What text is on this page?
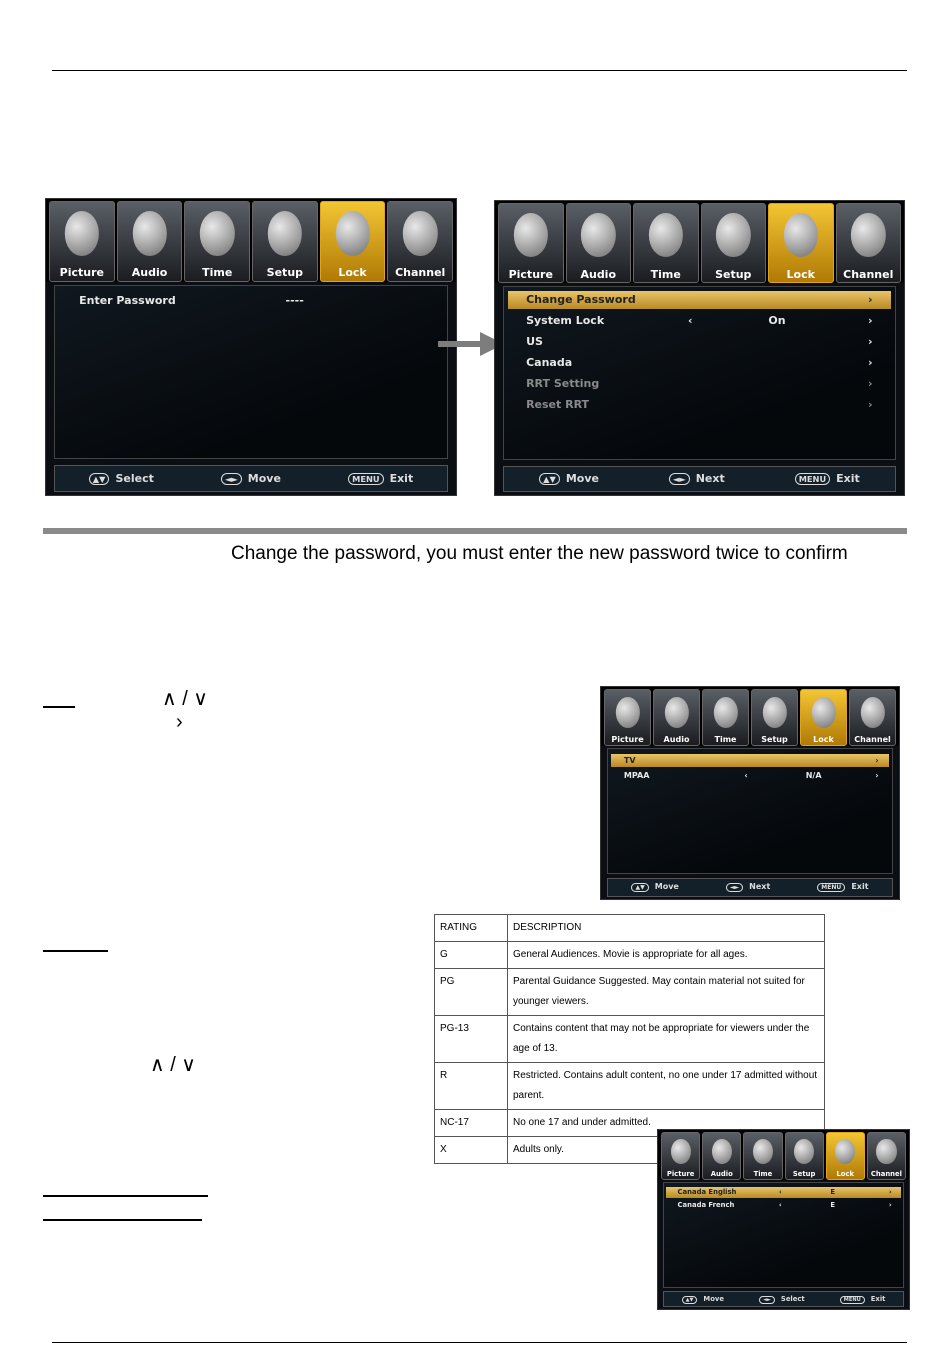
Picture	Audio	Time	Setup	Lock	Channel
Enter Password	----
▲▼ Select	◄► Move	MENU Exit
Picture	Audio	Time	Setup	Lock	Channel
Change Password	›
System Lock	‹	On	›
US	›
Canada	›
RRT Setting	›
Reset RRT	›
▲▼ Move	◄► Next	MENU Exit
Change the password, you must enter the new password twice to confirm
∧ / ∨
›
Picture	Audio	Time	Setup	Lock	Channel
TV	›
MPAA	‹	N/A	›
▲▼ Move	◄► Next	MENU Exit
∧ / ∨
RATING	DESCRIPTION
G	General Audiences. Movie is appropriate for all ages.
PG	Parental Guidance Suggested. May contain material not suited for younger viewers.
PG-13	Contains content that may not be appropriate for viewers under the age of 13.
R	Restricted. Contains adult content, no one under 17 admitted without parent.
NC-17	No one 17 and under admitted.
X	Adults only.
Picture	Audio	Time	Setup	Lock	Channel
Canada English	‹	E	›
Canada French	‹	E	›
▲▼ Move	◄► Select	MENU Exit
